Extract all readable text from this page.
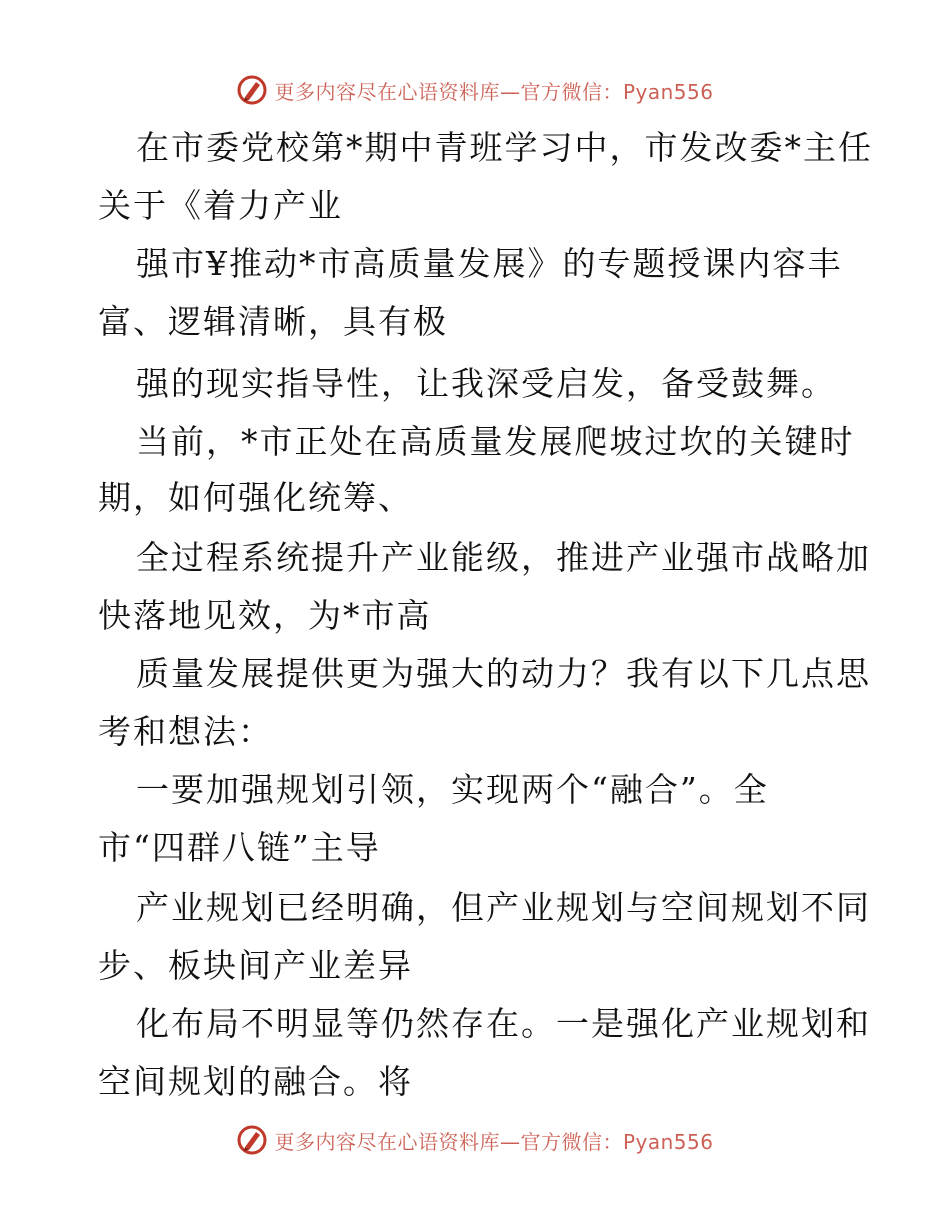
更多内容尽在心语资料库—官方微信：Pyan556
在市委党校第*期中青班学习中，市发改委*主任
关于《着力产业
强市¥推动*市高质量发展》的专题授课内容丰
富、逻辑清晰，具有极
强的现实指导性，让我深受启发，备受鼓舞。
当前，*市正处在高质量发展爬坡过坎的关键时
期，如何强化统筹、
全过程系统提升产业能级，推进产业强市战略加
快落地见效，为*市高
质量发展提供更为强大的动力？我有以下几点思
考和想法：
一要加强规划引领，实现两个“融合”。全
市“四群八链”主导
产业规划已经明确，但产业规划与空间规划不同
步、板块间产业差异
化布局不明显等仍然存在。一是强化产业规划和
空间规划的融合。将
更多内容尽在心语资料库—官方微信：Pyan556
